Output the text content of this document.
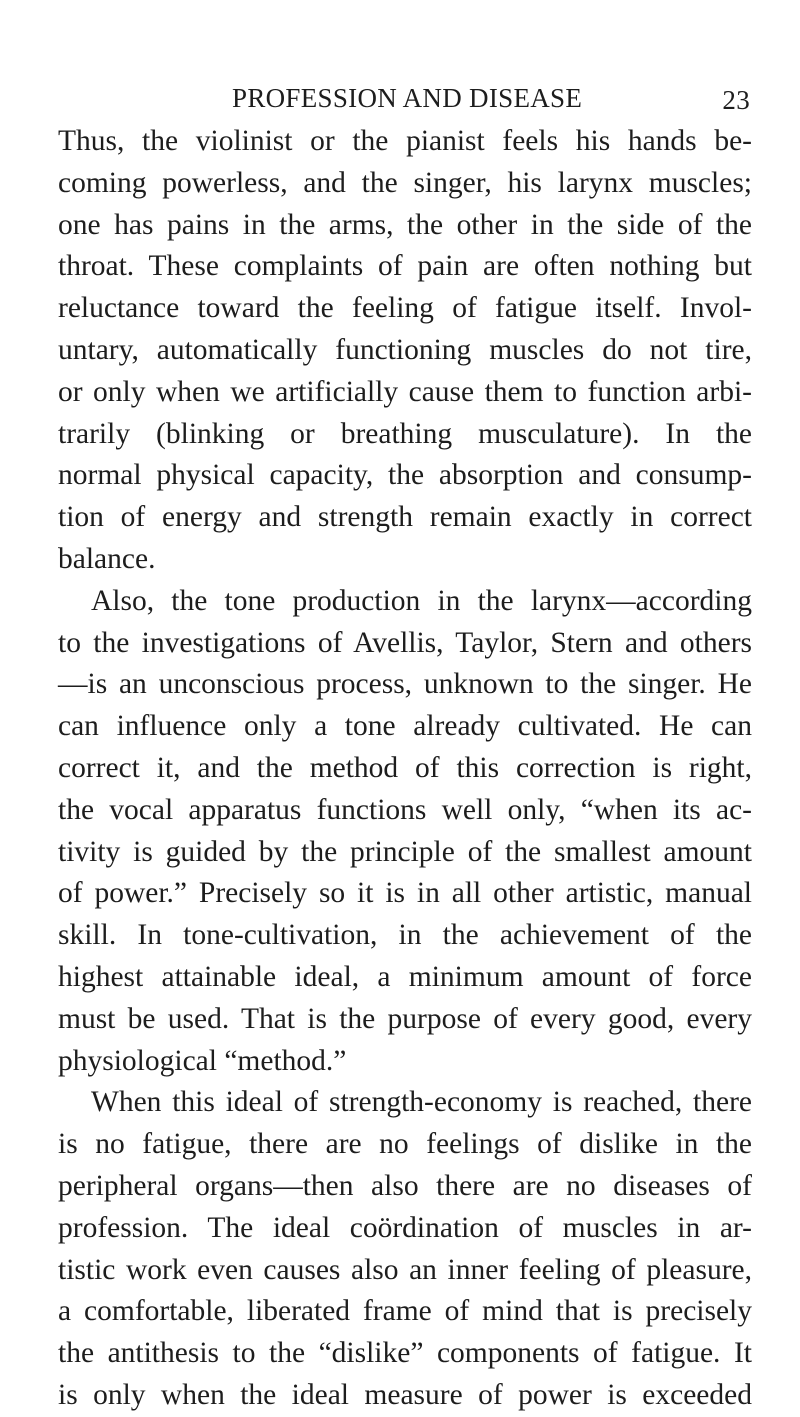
PROFESSION AND DISEASE	23
Thus, the violinist or the pianist feels his hands be-
coming powerless, and the singer, his larynx muscles;
one has pains in the arms, the other in the side of the
throat. These complaints of pain are often nothing but
reluctance toward the feeling of fatigue itself. Invol-
untary, automatically functioning muscles do not tire,
or only when we artificially cause them to function arbi-
trarily (blinking or breathing musculature). In the
normal physical capacity, the absorption and consump-
tion of energy and strength remain exactly in correct
balance.
Also, the tone production in the larynx—according
to the investigations of Avellis, Taylor, Stern and others
—is an unconscious process, unknown to the singer. He
can influence only a tone already cultivated. He can
correct it, and the method of this correction is right,
the vocal apparatus functions well only, “when its ac-
tivity is guided by the principle of the smallest amount
of power.” Precisely so it is in all other artistic, manual
skill. In tone-cultivation, in the achievement of the
highest attainable ideal, a minimum amount of force
must be used. That is the purpose of every good, every
physiological “method.”
When this ideal of strength-economy is reached, there
is no fatigue, there are no feelings of dislike in the
peripheral organs—then also there are no diseases of
profession. The ideal coördination of muscles in ar-
tistic work even causes also an inner feeling of pleasure,
a comfortable, liberated frame of mind that is precisely
the antithesis to the “dislike” components of fatigue. It
is only when the ideal measure of power is exceeded
